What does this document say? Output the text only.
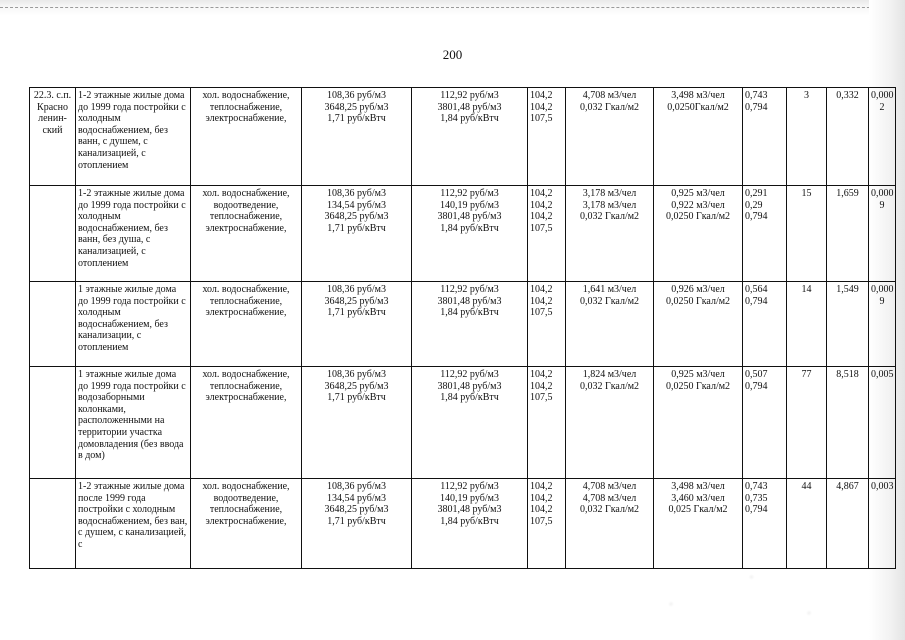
200
22.3. с.п. Красно ленин-ский	1-2 этажные жилые дома до 1999 года постройки с холодным водоснабжением, без ванн, с душем, с канализацией, с отоплением	хол. водоснабжение, теплоснабжение, электроснабжение,	108,36 руб/м3
3648,25 руб/м3
1,71 руб/кВтч	112,92 руб/м3
3801,48 руб/м3
1,84 руб/кВтч	104,2
104,2
107,5	4,708 м3/чел
0,032 Гкал/м2	3,498 м3/чел
0,0250Гкал/м2	0,743
0,794	3	0,332	0,000
2

	1-2 этажные жилые дома до 1999 года постройки с холодным водоснабжением, без ванн, без душа, с канализацией, с отоплением	хол. водоснабжение, водоотведение, теплоснабжение, электроснабжение,	108,36 руб/м3
134,54 руб/м3
3648,25 руб/м3
1,71 руб/кВтч	112,92 руб/м3
140,19 руб/м3
3801,48 руб/м3
1,84 руб/кВтч	104,2
104,2
104,2
107,5	3,178 м3/чел
3,178 м3/чел
0,032 Гкал/м2	0,925 м3/чел
0,922 м3/чел
0,0250 Гкал/м2	0,291
0,29
0,794	15	1,659	0,000
9

	1 этажные жилые дома до 1999 года постройки с холодным водоснабжением, без канализации, с отоплением	хол. водоснабжение, теплоснабжение, электроснабжение,	108,36 руб/м3
3648,25 руб/м3
1,71 руб/кВтч	112,92 руб/м3
3801,48 руб/м3
1,84 руб/кВтч	104,2
104,2
107,5	1,641 м3/чел
0,032 Гкал/м2	0,926 м3/чел
0,0250 Гкал/м2	0,564
0,794	14	1,549	0,000
9

	1 этажные жилые дома до 1999 года постройки с водозаборными колонками, расположенными на территории участка домовладения (без ввода в дом)	хол. водоснабжение, теплоснабжение, электроснабжение,	108,36 руб/м3
3648,25 руб/м3
1,71 руб/кВтч	112,92 руб/м3
3801,48 руб/м3
1,84 руб/кВтч	104,2
104,2
107,5	1,824 м3/чел
0,032 Гкал/м2	0,925 м3/чел
0,0250 Гкал/м2	0,507
0,794	77	8,518	0,005

	1-2 этажные жилые дома после 1999 года постройки с холодным водоснабжением, без ван, с душем, с канализацией, с	хол. водоснабжение, водоотведение, теплоснабжение, электроснабжение,	108,36 руб/м3
134,54 руб/м3
3648,25 руб/м3
1,71 руб/кВтч	112,92 руб/м3
140,19 руб/м3
3801,48 руб/м3
1,84 руб/кВтч	104,2
104,2
104,2
107,5	4,708 м3/чел
4,708 м3/чел
0,032 Гкал/м2	3,498 м3/чел
3,460 м3/чел
0,025 Гкал/м2	0,743
0,735
0,794	44	4,867	0,003
